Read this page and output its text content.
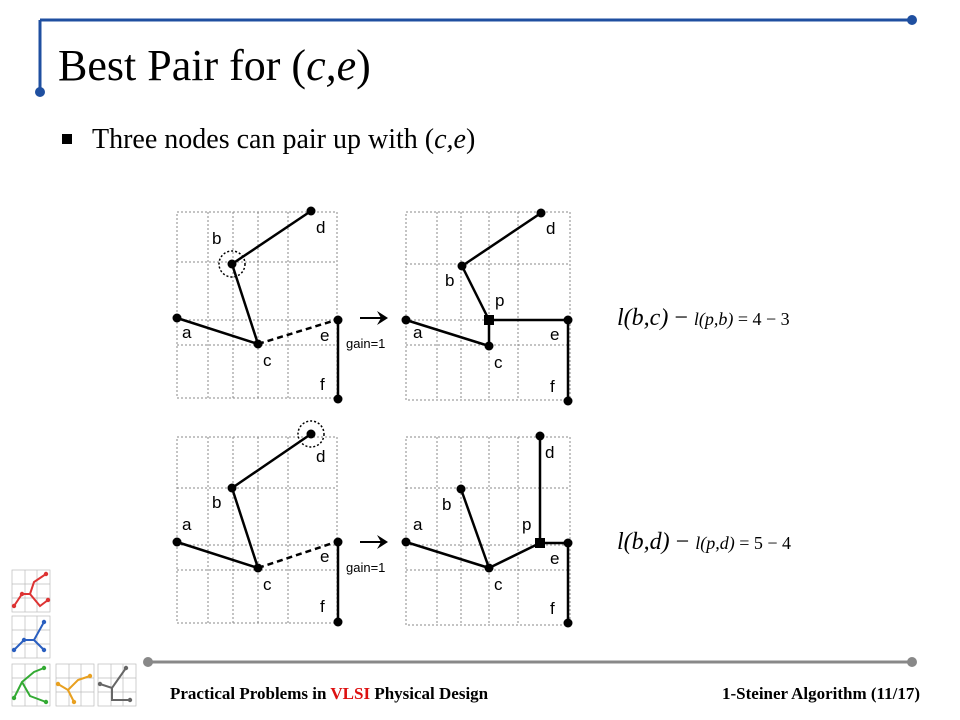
Best Pair for (c,e)
Three nodes can pair up with (c,e)
b
d
a
c
e
f
gain=1
b
d
p
a
c
e
f
b
d
a
c
e
f
gain=1
b
d
p
a
c
e
f
l(b,c) − l(p,b) = 4 − 3
l(b,d) − l(p,d) = 5 − 4
Practical Problems in VLSI Physical Design	1-Steiner Algorithm (11/17)
